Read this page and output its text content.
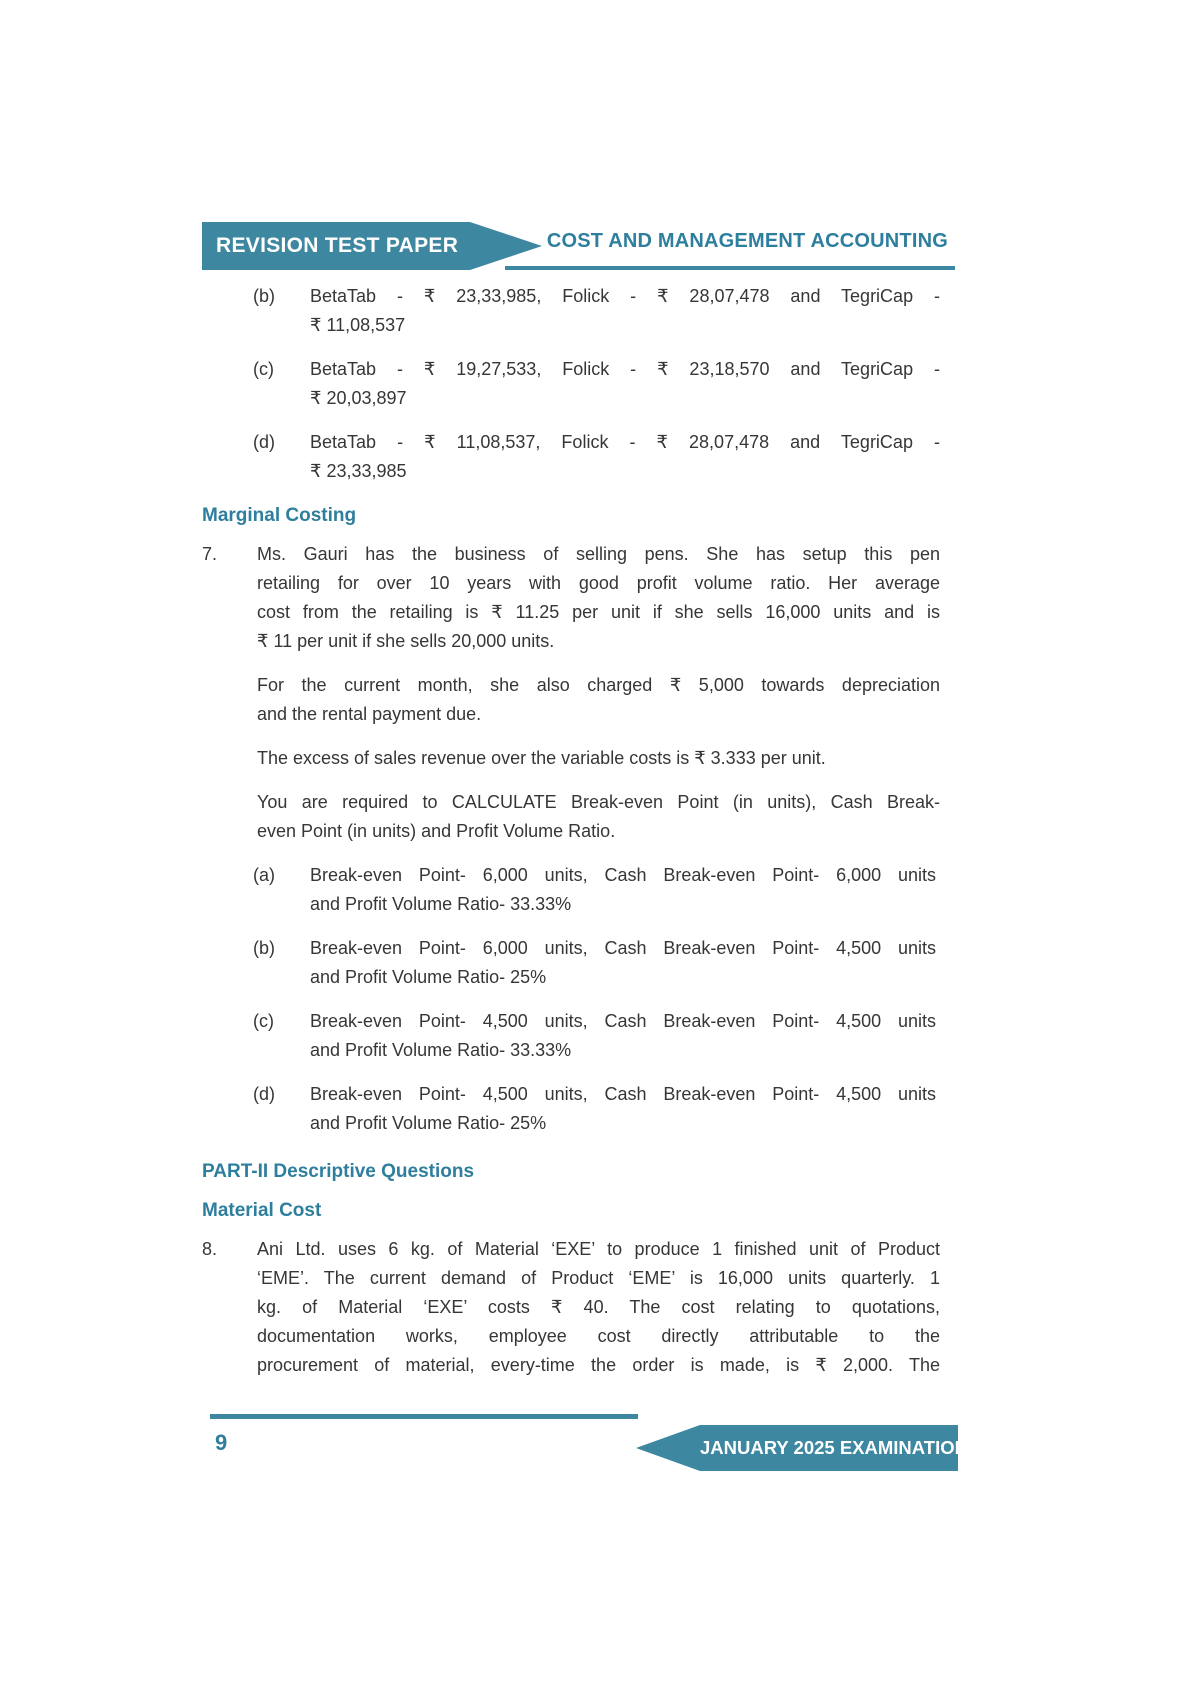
REVISION TEST PAPER	COST AND MANAGEMENT ACCOUNTING
(b)	BetaTab - ₹ 23,33,985, Folick - ₹ 28,07,478 and TegriCap -
₹ 11,08,537
(c)	BetaTab - ₹ 19,27,533, Folick - ₹ 23,18,570 and TegriCap -
₹ 20,03,897
(d)	BetaTab - ₹ 11,08,537, Folick - ₹ 28,07,478 and TegriCap -
₹ 23,33,985
Marginal Costing
7.	Ms. Gauri has the business of selling pens. She has setup this pen
retailing for over 10 years with good profit volume ratio. Her average
cost from the retailing is ₹ 11.25 per unit if she sells 16,000 units and is
₹ 11 per unit if she sells 20,000 units.
For the current month, she also charged ₹ 5,000 towards depreciation
and the rental payment due.
The excess of sales revenue over the variable costs is ₹ 3.333 per unit.
You are required to CALCULATE Break-even Point (in units), Cash Break-
even Point (in units) and Profit Volume Ratio.
(a)	Break-even Point- 6,000 units, Cash Break-even Point- 6,000 units
and Profit Volume Ratio- 33.33%
(b)	Break-even Point- 6,000 units, Cash Break-even Point- 4,500 units
and Profit Volume Ratio- 25%
(c)	Break-even Point- 4,500 units, Cash Break-even Point- 4,500 units
and Profit Volume Ratio- 33.33%
(d)	Break-even Point- 4,500 units, Cash Break-even Point- 4,500 units
and Profit Volume Ratio- 25%
PART-II Descriptive Questions
Material Cost
8.	Ani Ltd. uses 6 kg. of Material ‘EXE’ to produce 1 finished unit of Product
‘EME’. The current demand of Product ‘EME’ is 16,000 units quarterly. 1
kg. of Material ‘EXE’ costs ₹ 40. The cost relating to quotations,
documentation works, employee cost directly attributable to the
procurement of material, every-time the order is made, is ₹ 2,000. The
9	JANUARY 2025 EXAMINATION
